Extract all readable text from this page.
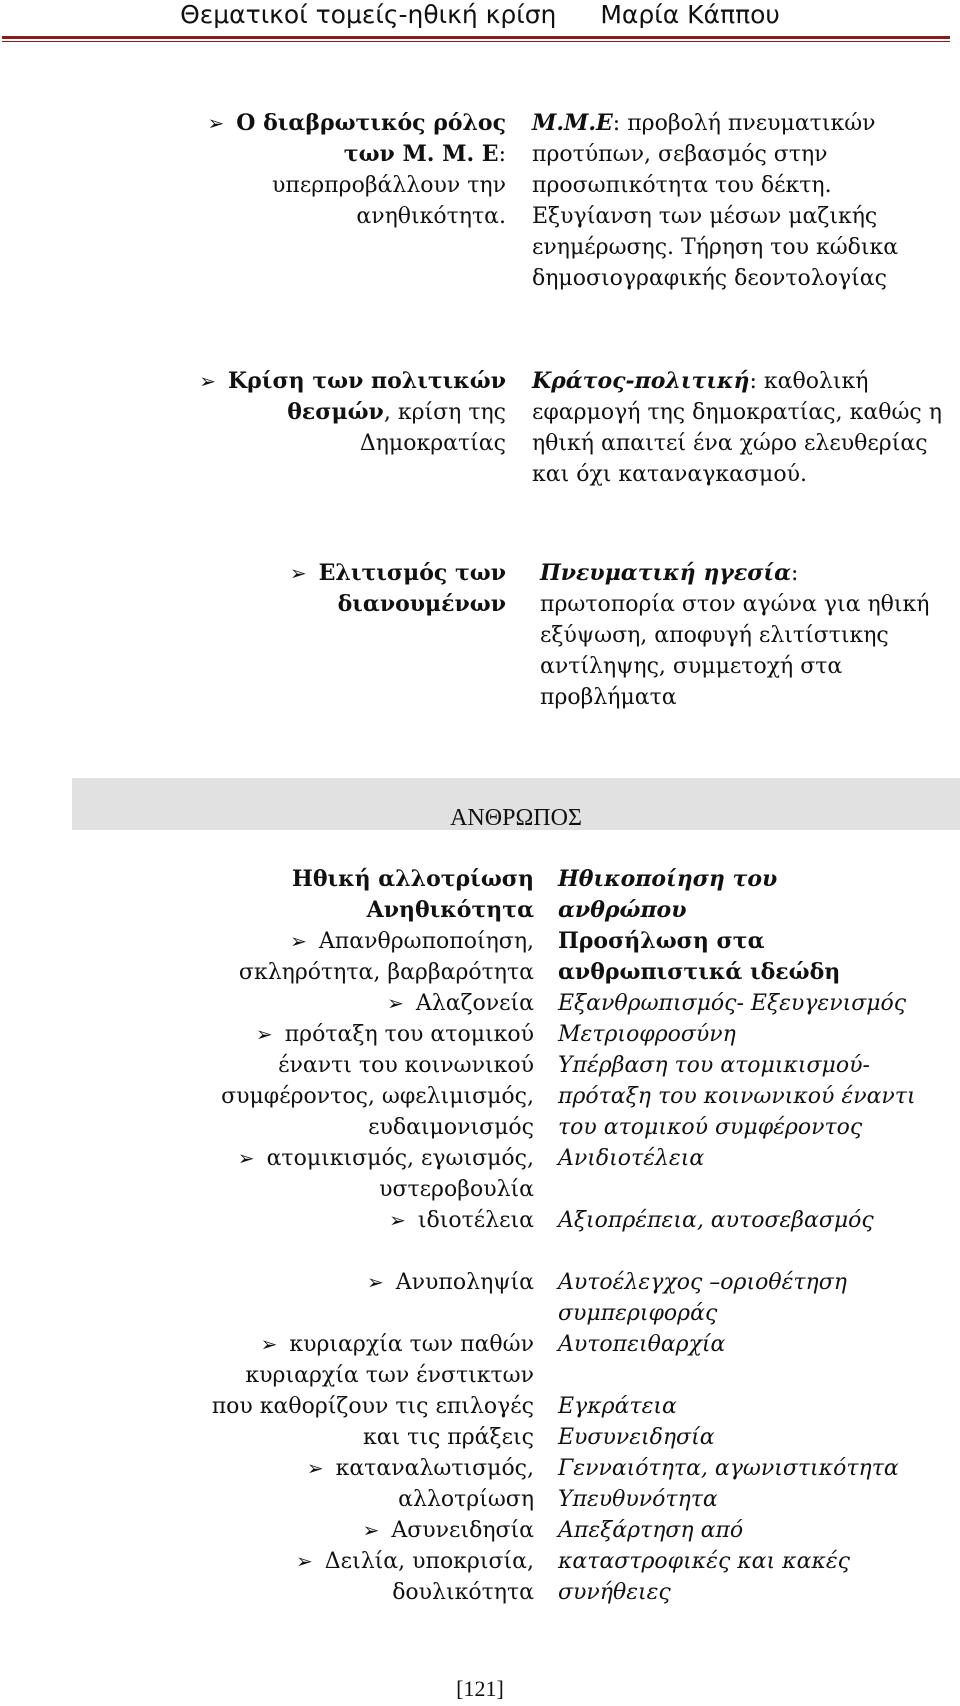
Θεματικοί τομείς-ηθική κρίση Μαρία Κάππου
➢ Ο διαβρωτικός ρόλος των Μ. Μ. Ε: υπερπροβάλλουν την ανηθικότητα.
Μ.Μ.Ε: προβολή πνευματικών προτύπων, σεβασμός στην προσωπικότητα του δέκτη. Εξυγίανση των μέσων μαζικής ενημέρωσης. Τήρηση του κώδικα δημοσιογραφικής δεοντολογίας
➢ Κρίση των πολιτικών θεσμών, κρίση της Δημοκρατίας
Κράτος-πολιτική: καθολική εφαρμογή της δημοκρατίας, καθώς η ηθική απαιτεί ένα χώρο ελευθερίας και όχι καταναγκασμού.
➢ Ελιτισμός των διανουμένων
Πνευματική ηγεσία: πρωτοπορία στον αγώνα για ηθική εξύψωση, αποφυγή ελιτίστικης αντίληψης, συμμετοχή στα προβλήματα
ΑΝΘΡΩΠΟΣ
Ηθική αλλοτρίωση
Ανηθικότητα
➢ Απανθρωποποίηση,
σκληρότητα, βαρβαρότητα
➢ Αλαζονεία
➢ πρόταξη του ατομικού
έναντι του κοινωνικού
συμφέροντος, ωφελιμισμός,
ευδαιμονισμός
➢ ατομικισμός, εγωισμός,
υστεροβουλία
➢ ιδιοτέλεια

➢ Ανυποληψία

➢ κυριαρχία των παθών
κυριαρχία των ένστικτων
που καθορίζουν τις επιλογές
και τις πράξεις
➢ καταναλωτισμός,
αλλοτρίωση
➢ Ασυνειδησία
➢ Δειλία, υποκρισία,
δουλικότητα
Ηθικοποίηση του
ανθρώπου
Προσήλωση στα
ανθρωπιστικά ιδεώδη
Εξανθρωπισμός- Εξευγενισμός
Μετριοφροσύνη
Υπέρβαση του ατομικισμού-
πρόταξη του κοινωνικού έναντι
του ατομικού συμφέροντος
Ανιδιοτέλεια

Αξιοπρέπεια, αυτοσεβασμός

Αυτοέλεγχος –οριοθέτηση
συμπεριφοράς
Αυτοπειθαρχία

Εγκράτεια
Ευσυνειδησία
Γενναιότητα, αγωνιστικότητα
Υπευθυνότητα
Απεξάρτηση από
καταστροφικές και κακές
συνήθειες
[121]
